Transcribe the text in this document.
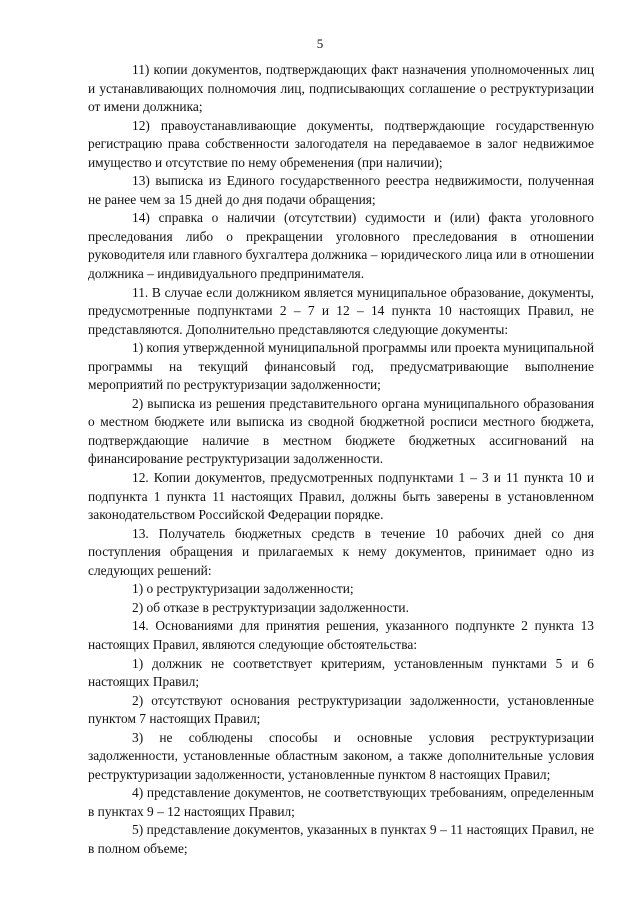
5

11) копии документов, подтверждающих факт назначения уполномоченных лиц и устанавливающих полномочия лиц, подписывающих соглашение о реструктуризации от имени должника;

12) правоустанавливающие документы, подтверждающие государственную регистрацию права собственности залогодателя на передаваемое в залог недвижимое имущество и отсутствие по нему обременения (при наличии);

13) выписка из Единого государственного реестра недвижимости, полученная не ранее чем за 15 дней до дня подачи обращения;

14) справка о наличии (отсутствии) судимости и (или) факта уголовного преследования либо о прекращении уголовного преследования в отношении руководителя или главного бухгалтера должника – юридического лица или в отношении должника – индивидуального предпринимателя.

11. В случае если должником является муниципальное образование, документы, предусмотренные подпунктами 2 – 7 и 12 – 14 пункта 10 настоящих Правил, не представляются. Дополнительно представляются следующие документы:

1) копия утвержденной муниципальной программы или проекта муниципальной программы на текущий финансовый год, предусматривающие выполнение мероприятий по реструктуризации задолженности;

2) выписка из решения представительного органа муниципального образования о местном бюджете или выписка из сводной бюджетной росписи местного бюджета, подтверждающие наличие в местном бюджете бюджетных ассигнований на финансирование реструктуризации задолженности.

12. Копии документов, предусмотренных подпунктами 1 – 3 и 11 пункта 10 и подпункта 1 пункта 11 настоящих Правил, должны быть заверены в установленном законодательством Российской Федерации порядке.

13. Получатель бюджетных средств в течение 10 рабочих дней со дня поступления обращения и прилагаемых к нему документов, принимает одно из следующих решений:

1) о реструктуризации задолженности;

2) об отказе в реструктуризации задолженности.

14. Основаниями для принятия решения, указанного подпункте 2 пункта 13 настоящих Правил, являются следующие обстоятельства:

1) должник не соответствует критериям, установленным пунктами 5 и 6 настоящих Правил;

2) отсутствуют основания реструктуризации задолженности, установленные пунктом 7 настоящих Правил;

3) не соблюдены способы и основные условия реструктуризации задолженности, установленные областным законом, а также дополнительные условия реструктуризации задолженности, установленные пунктом 8 настоящих Правил;

4) представление документов, не соответствующих требованиям, определенным в пунктах 9 – 12 настоящих Правил;

5) представление документов, указанных в пунктах 9 – 11 настоящих Правил, не в полном объеме;
